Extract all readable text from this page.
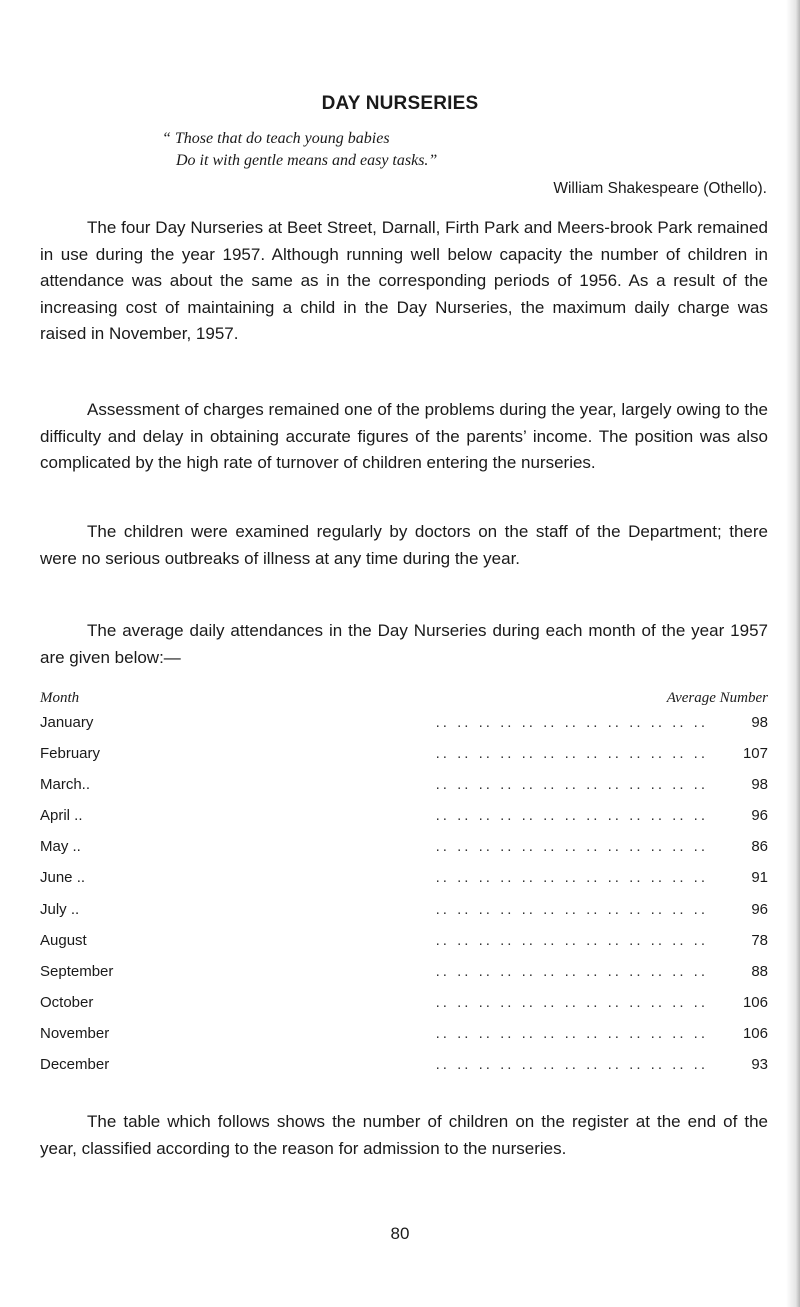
DAY NURSERIES
“ Those that do teach young babies
Do it with gentle means and easy tasks.”
William Shakespeare (Othello).

The four Day Nurseries at Beet Street, Darnall, Firth Park and Meers-brook Park remained in use during the year 1957. Although running well below capacity the number of children in attendance was about the same as in the corresponding periods of 1956. As a result of the increasing cost of maintaining a child in the Day Nurseries, the maximum daily charge was raised in November, 1957.

Assessment of charges remained one of the problems during the year, largely owing to the difficulty and delay in obtaining accurate figures of the parents’ income. The position was also complicated by the high rate of turnover of children entering the nurseries.

The children were examined regularly by doctors on the staff of the Department; there were no serious outbreaks of illness at any time during the year.

The average daily attendances in the Day Nurseries during each month of the year 1957 are given below:—

Month	Average Number
January	.. .. .. .. .. .. .. .. .. .. .. .. ..	98
February	.. .. .. .. .. .. .. .. .. .. .. .. ..	107
March..	.. .. .. .. .. .. .. .. .. .. .. .. ..	98
April ..	.. .. .. .. .. .. .. .. .. .. .. .. ..	96
May ..	.. .. .. .. .. .. .. .. .. .. .. .. ..	86
June ..	.. .. .. .. .. .. .. .. .. .. .. .. ..	91
July ..	.. .. .. .. .. .. .. .. .. .. .. .. ..	96
August	.. .. .. .. .. .. .. .. .. .. .. .. ..	78
September	.. .. .. .. .. .. .. .. .. .. .. .. ..	88
October	.. .. .. .. .. .. .. .. .. .. .. .. ..	106
November	.. .. .. .. .. .. .. .. .. .. .. .. ..	106
December	.. .. .. .. .. .. .. .. .. .. .. .. ..	93

The table which follows shows the number of children on the register at the end of the year, classified according to the reason for admission to the nurseries.

80
